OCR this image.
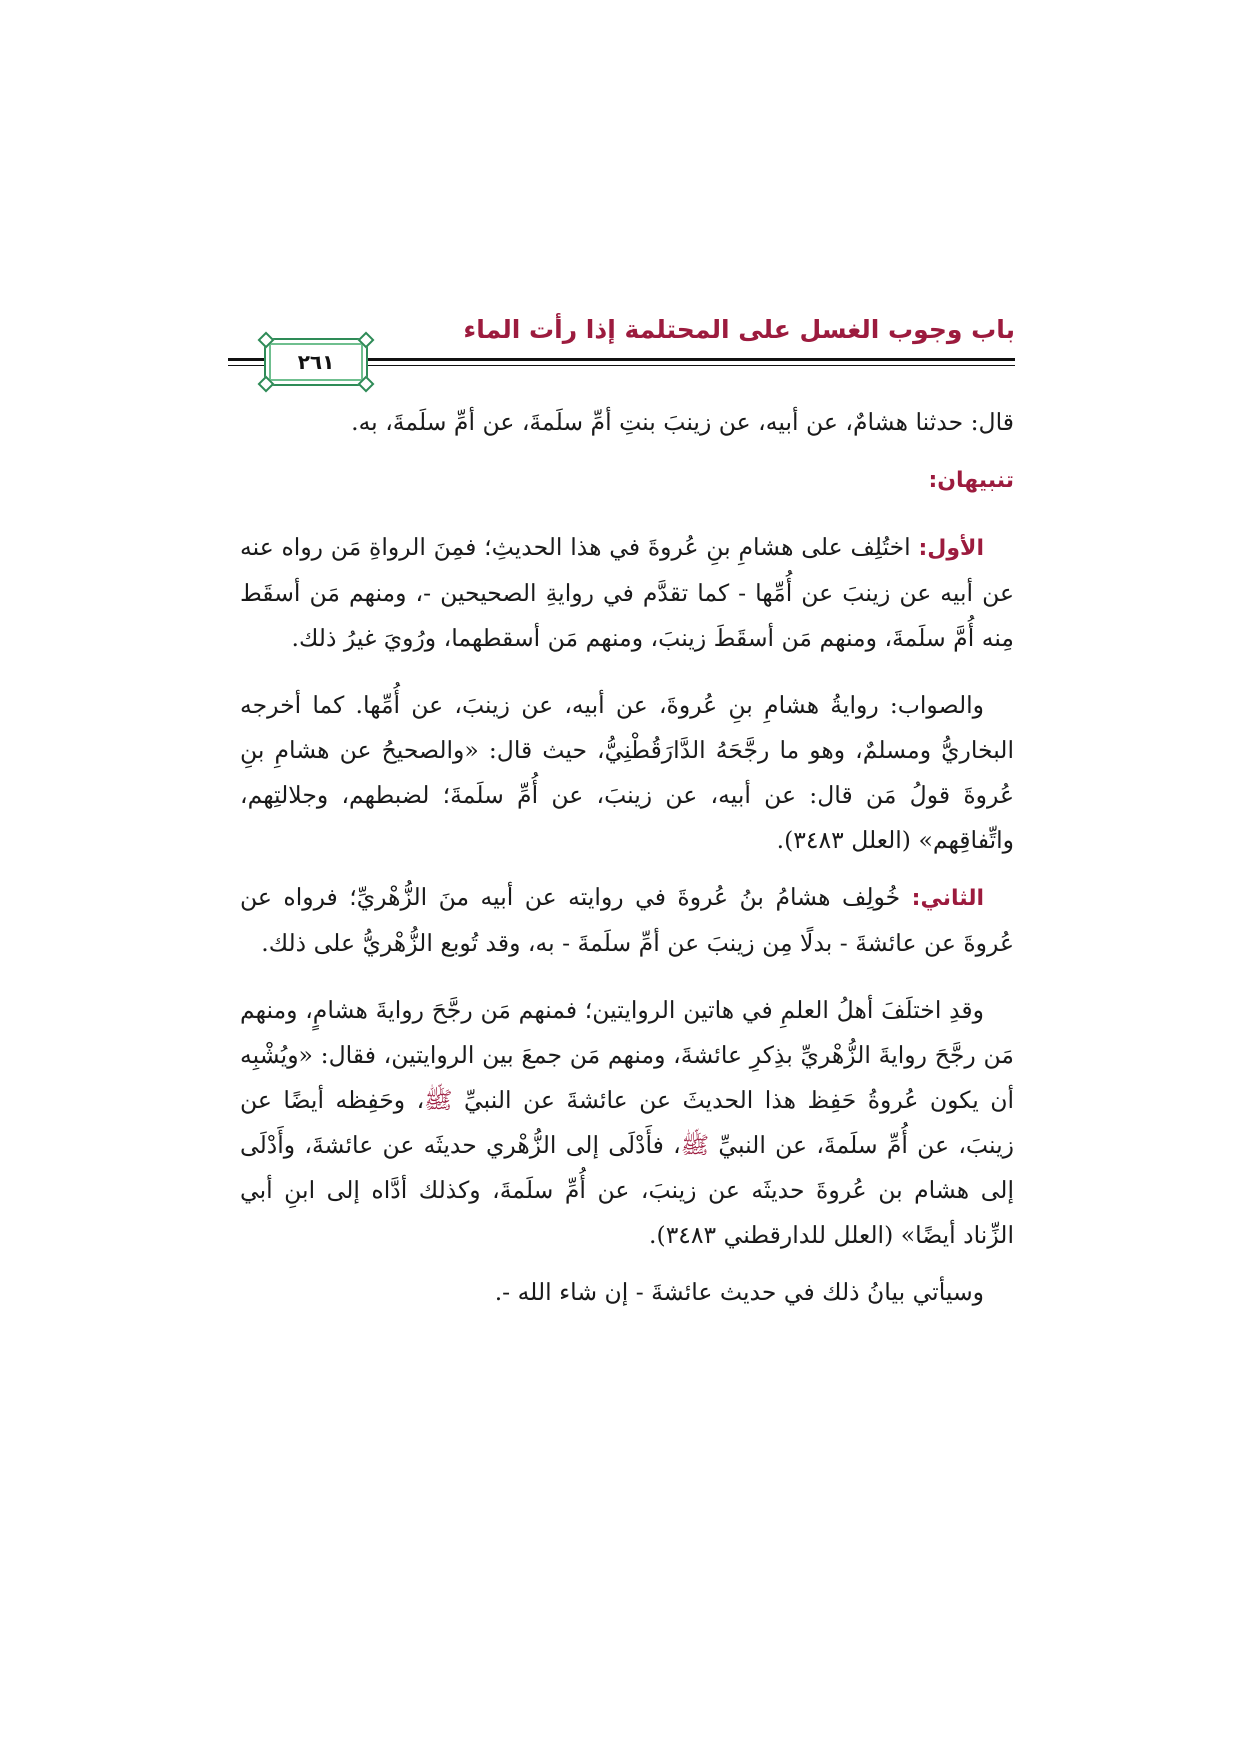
باب وجوب الغسل على المحتلمة إذا رأت الماء
٢٦١

قال: حدثنا هشامٌ، عن أبيه، عن زينبَ بنتِ أمِّ سلَمةَ، عن أمِّ سلَمةَ، به.

تنبيهان:

الأول: اختُلِف على هشامِ بنِ عُروةَ في هذا الحديثِ؛ فمِنَ الرواةِ مَن رواه عنه عن أبيه عن زينبَ عن أُمِّها - كما تقدَّم في روايةِ الصحيحين -، ومنهم مَن أسقَط مِنه أُمَّ سلَمةَ، ومنهم مَن أسقَطَ زينبَ، ومنهم مَن أسقطهما، ورُويَ غيرُ ذلك.

والصواب: روايةُ هشامِ بنِ عُروةَ، عن أبيه، عن زينبَ، عن أُمِّها. كما أخرجه البخاريُّ ومسلمٌ، وهو ما رجَّحَهُ الدَّارَقُطْنِيُّ، حيث قال: «والصحيحُ عن هشامِ بنِ عُروةَ قولُ مَن قال: عن أبيه، عن زينبَ، عن أُمِّ سلَمةَ؛ لضبطهم، وجلالتِهم، واتِّفاقِهم» (العلل ٣٤٨٣).

الثاني: خُولِف هشامُ بنُ عُروةَ في روايته عن أبيه منَ الزُّهْريِّ؛ فرواه عن عُروةَ عن عائشةَ - بدلًا مِن زينبَ عن أمِّ سلَمةَ - به، وقد تُوبع الزُّهْريُّ على ذلك.

وقدِ اختلَفَ أهلُ العلمِ في هاتين الروايتين؛ فمنهم مَن رجَّحَ روايةَ هشامٍ، ومنهم مَن رجَّحَ روايةَ الزُّهْريِّ بذِكرِ عائشةَ، ومنهم مَن جمعَ بين الروايتين، فقال: «ويُشْبِه أن يكون عُروةُ حَفِظ هذا الحديثَ عن عائشةَ عن النبيِّ ﷺ، وحَفِظه أيضًا عن زينبَ، عن أُمِّ سلَمةَ، عن النبيِّ ﷺ، فأَدْلَى إلى الزُّهْري حديثَه عن عائشةَ، وأَدْلَى إلى هشام بن عُروةَ حديثَه عن زينبَ، عن أُمِّ سلَمةَ، وكذلك أدَّاه إلى ابنِ أبي الزِّناد أيضًا» (العلل للدارقطني ٣٤٨٣).

وسيأتي بيانُ ذلك في حديث عائشةَ - إن شاء الله -.
